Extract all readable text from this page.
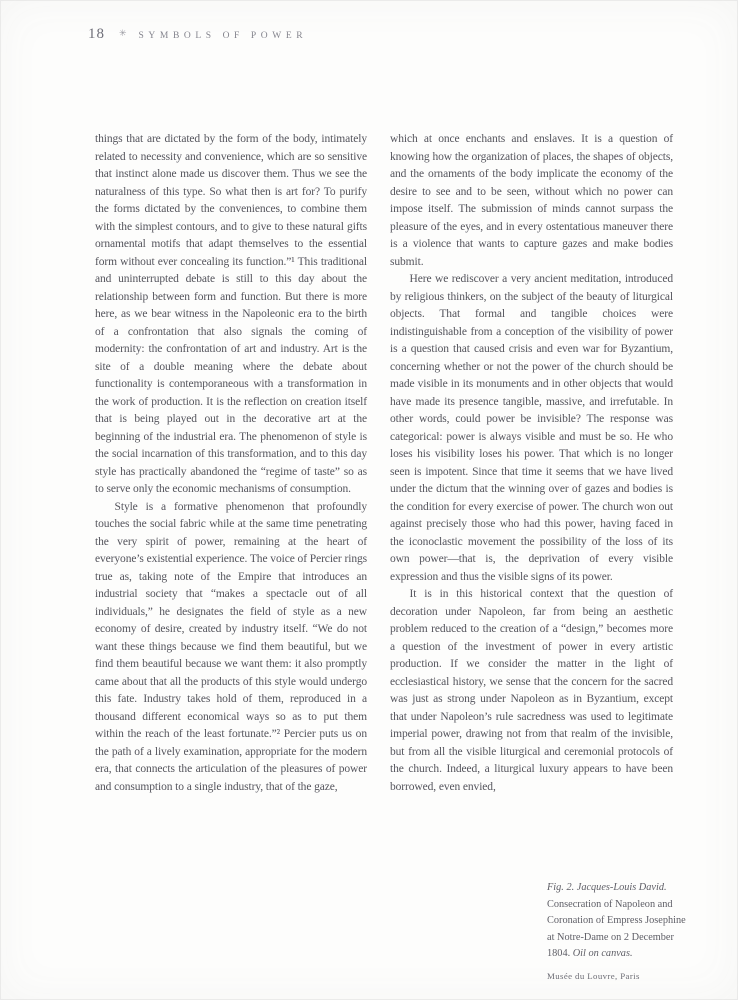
18 ✳ SYMBOLS OF POWER

things that are dictated by the form of the body, intimately related to necessity and convenience, which are so sensitive that instinct alone made us discover them. Thus we see the naturalness of this type. So what then is art for? To purify the forms dictated by the conveniences, to combine them with the simplest contours, and to give to these natural gifts ornamental motifs that adapt themselves to the essential form without ever concealing its function.”¹ This traditional and uninterrupted debate is still to this day about the relationship between form and function. But there is more here, as we bear witness in the Napoleonic era to the birth of a confrontation that also signals the coming of modernity: the confrontation of art and industry. Art is the site of a double meaning where the debate about functionality is contemporaneous with a transformation in the work of production. It is the reflection on creation itself that is being played out in the decorative art at the beginning of the industrial era. The phenomenon of style is the social incarnation of this transformation, and to this day style has practically abandoned the “regime of taste” so as to serve only the economic mechanisms of consumption.

Style is a formative phenomenon that profoundly touches the social fabric while at the same time penetrating the very spirit of power, remaining at the heart of everyone’s existential experience. The voice of Percier rings true as, taking note of the Empire that introduces an industrial society that “makes a spectacle out of all individuals,” he designates the field of style as a new economy of desire, created by industry itself. “We do not want these things because we find them beautiful, but we find them beautiful because we want them: it also promptly came about that all the products of this style would undergo this fate. Industry takes hold of them, reproduced in a thousand different economical ways so as to put them within the reach of the least fortunate.”² Percier puts us on the path of a lively examination, appropriate for the modern era, that connects the articulation of the pleasures of power and consumption to a single industry, that of the gaze,

which at once enchants and enslaves. It is a question of knowing how the organization of places, the shapes of objects, and the ornaments of the body implicate the economy of the desire to see and to be seen, without which no power can impose itself. The submission of minds cannot surpass the pleasure of the eyes, and in every ostentatious maneuver there is a violence that wants to capture gazes and make bodies submit.

Here we rediscover a very ancient meditation, introduced by religious thinkers, on the subject of the beauty of liturgical objects. That formal and tangible choices were indistinguishable from a conception of the visibility of power is a question that caused crisis and even war for Byzantium, concerning whether or not the power of the church should be made visible in its monuments and in other objects that would have made its presence tangible, massive, and irrefutable. In other words, could power be invisible? The response was categorical: power is always visible and must be so. He who loses his visibility loses his power. That which is no longer seen is impotent. Since that time it seems that we have lived under the dictum that the winning over of gazes and bodies is the condition for every exercise of power. The church won out against precisely those who had this power, having faced in the iconoclastic movement the possibility of the loss of its own power—that is, the deprivation of every visible expression and thus the visible signs of its power.

It is in this historical context that the question of decoration under Napoleon, far from being an aesthetic problem reduced to the creation of a “design,” becomes more a question of the investment of power in every artistic production. If we consider the matter in the light of ecclesiastical history, we sense that the concern for the sacred was just as strong under Napoleon as in Byzantium, except that under Napoleon’s rule sacredness was used to legitimate imperial power, drawing not from that realm of the invisible, but from all the visible liturgical and ceremonial protocols of the church. Indeed, a liturgical luxury appears to have been borrowed, even envied,

Fig. 2. Jacques-Louis David.
Consecration of Napoleon and
Coronation of Empress Josephine
at Notre-Dame on 2 December
1804. Oil on canvas.
Musée du Louvre, Paris
